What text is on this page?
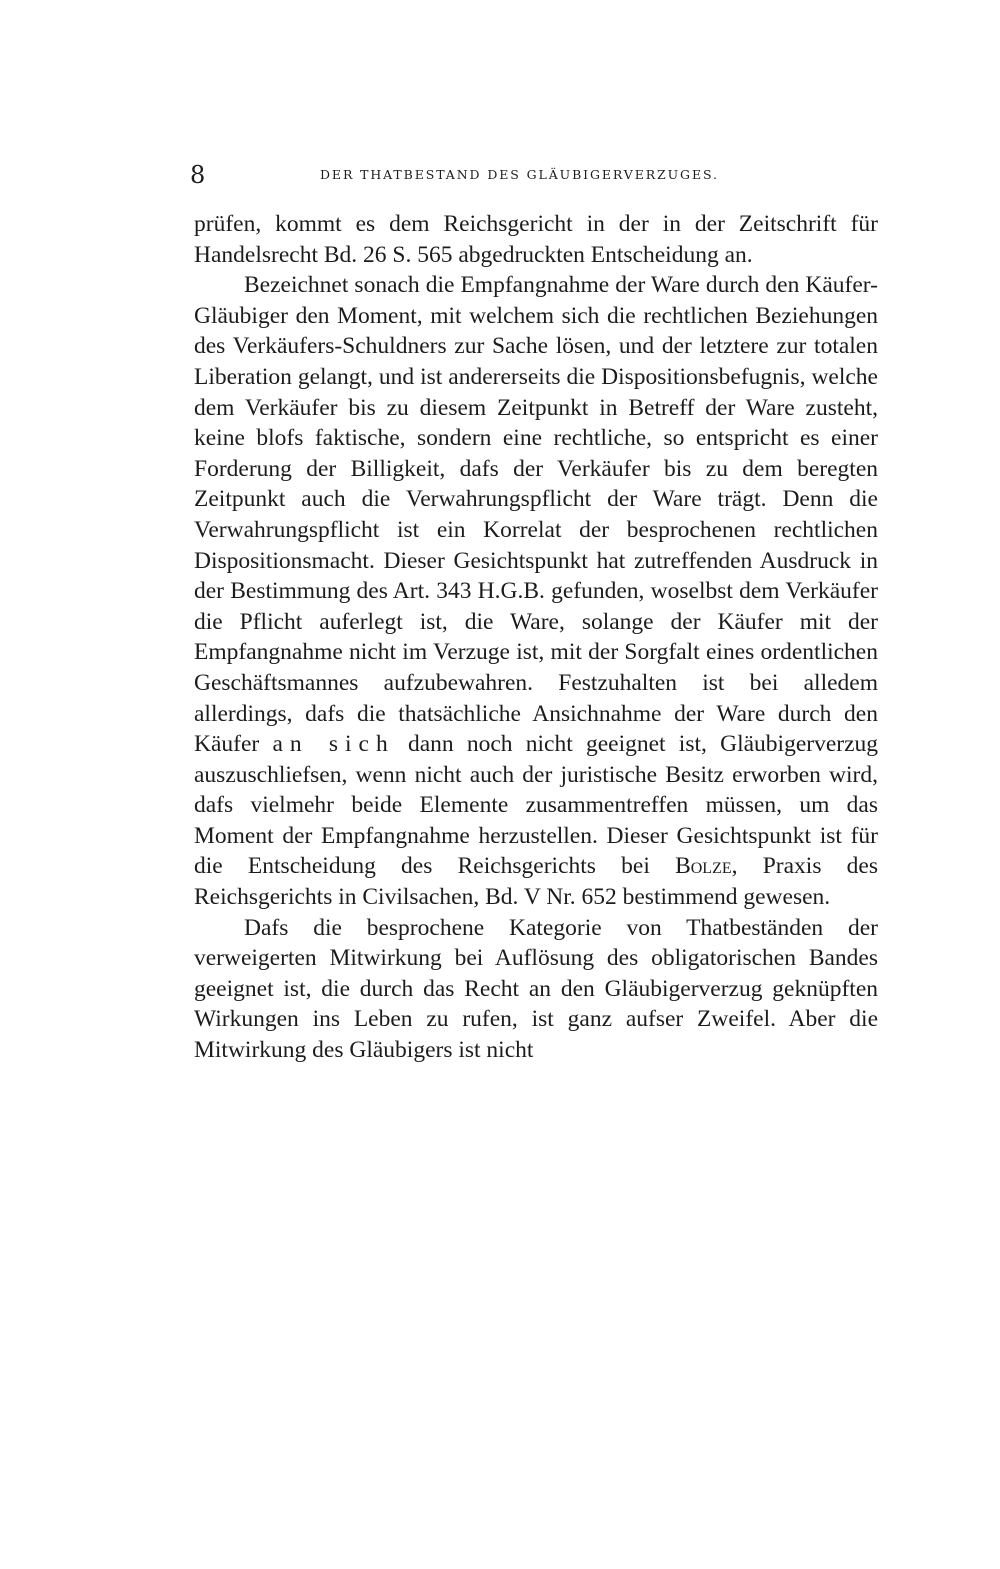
8	DER THATBESTAND DES GLÄUBIGERVERZUGES.

prüfen, kommt es dem Reichsgericht in der in der Zeitschrift für Handelsrecht Bd. 26 S. 565 abgedruckten Entscheidung an.

Bezeichnet sonach die Empfangnahme der Ware durch den Käufer-Gläubiger den Moment, mit welchem sich die rechtlichen Beziehungen des Verkäufers-Schuldners zur Sache lösen, und der letztere zur totalen Liberation gelangt, und ist andererseits die Dispositionsbefugnis, welche dem Verkäufer bis zu diesem Zeitpunkt in Betreff der Ware zusteht, keine blofs faktische, sondern eine rechtliche, so entspricht es einer Forderung der Billigkeit, dafs der Verkäufer bis zu dem beregten Zeitpunkt auch die Verwahrungspflicht der Ware trägt. Denn die Verwahrungspflicht ist ein Korrelat der besprochenen rechtlichen Dispositionsmacht. Dieser Gesichtspunkt hat zutreffenden Ausdruck in der Bestimmung des Art. 343 H.G.B. gefunden, woselbst dem Verkäufer die Pflicht auferlegt ist, die Ware, solange der Käufer mit der Empfangnahme nicht im Verzuge ist, mit der Sorgfalt eines ordentlichen Geschäftsmannes aufzubewahren. Festzuhalten ist bei alledem allerdings, dafs die thatsächliche Ansichnahme der Ware durch den Käufer an sich dann noch nicht geeignet ist, Gläubigerverzug auszuschliefsen, wenn nicht auch der juristische Besitz erworben wird, dafs vielmehr beide Elemente zusammentreffen müssen, um das Moment der Empfangnahme herzustellen. Dieser Gesichtspunkt ist für die Entscheidung des Reichsgerichts bei Bolze, Praxis des Reichsgerichts in Civilsachen, Bd. V Nr. 652 bestimmend gewesen.

Dafs die besprochene Kategorie von Thatbeständen der verweigerten Mitwirkung bei Auflösung des obligatorischen Bandes geeignet ist, die durch das Recht an den Gläubigerverzug geknüpften Wirkungen ins Leben zu rufen, ist ganz aufser Zweifel. Aber die Mitwirkung des Gläubigers ist nicht
